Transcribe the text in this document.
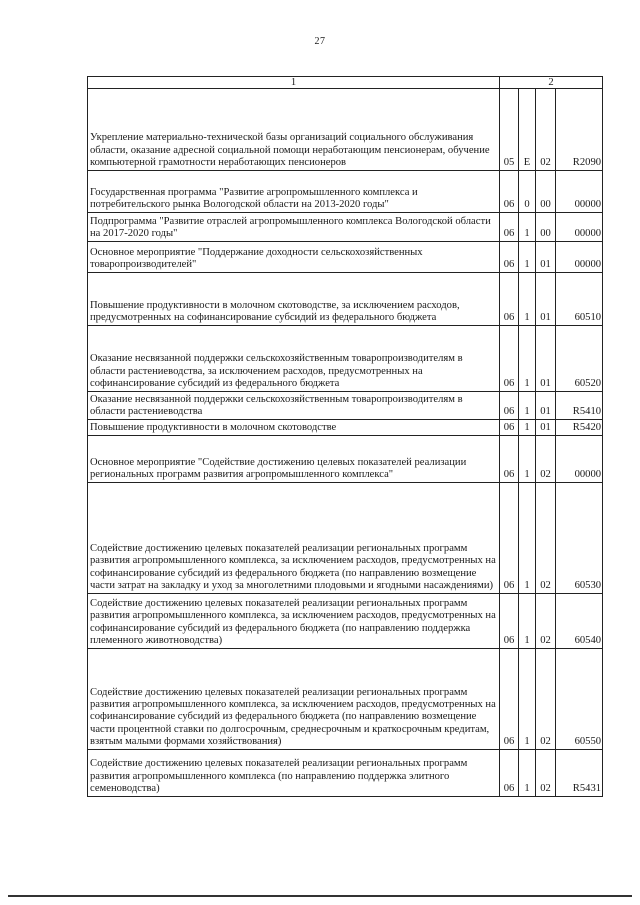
27
1	2			
Укрепление материально-технической базы организаций социального обслуживания области, оказание адресной социальной помощи неработающим пенсионерам, обучение компьютерной грамотности неработающих пенсионеров	05	Е	02	R2090
Государственная программа "Развитие агропромышленного комплекса и потребительского рынка Вологодской области на 2013-2020 годы"	06	0	00	00000
Подпрограмма "Развитие отраслей агропромышленного комплекса Вологодской области на 2017-2020 годы"	06	1	00	00000
Основное мероприятие "Поддержание доходности сельскохозяйственных товаропроизводителей"	06	1	01	00000
Повышение продуктивности в молочном скотоводстве, за исключением расходов, предусмотренных на софинансирование субсидий из федерального бюджета	06	1	01	60510
Оказание несвязанной поддержки сельскохозяйственным товаропроизводителям в области растениеводства, за исключением расходов, предусмотренных на софинансирование субсидий из федерального бюджета	06	1	01	60520
Оказание несвязанной поддержки сельскохозяйственным товаропроизводителям в области растениеводства	06	1	01	R5410
Повышение продуктивности в молочном скотоводстве	06	1	01	R5420
Основное мероприятие "Содействие достижению целевых показателей реализации региональных программ развития агропромышленного комплекса"	06	1	02	00000
Содействие достижению целевых показателей реализации региональных программ развития агропромышленного комплекса, за исключением расходов, предусмотренных на софинансирование субсидий из федерального бюджета (по направлению возмещение части затрат на закладку и уход за многолетними плодовыми и ягодными насаждениями)	06	1	02	60530
Содействие достижению целевых показателей реализации региональных программ развития агропромышленного комплекса, за исключением расходов, предусмотренных на софинансирование субсидий из федерального бюджета (по направлению поддержка племенного животноводства)	06	1	02	60540
Содействие достижению целевых показателей реализации региональных программ развития агропромышленного комплекса, за исключением расходов, предусмотренных на софинансирование субсидий из федерального бюджета (по направлению возмещение части процентной ставки по долгосрочным, среднесрочным и краткосрочным кредитам, взятым малыми формами хозяйствования)	06	1	02	60550
Содействие достижению целевых показателей реализации региональных программ развития агропромышленного комплекса (по направлению поддержка элитного семеноводства)	06	1	02	R5431
